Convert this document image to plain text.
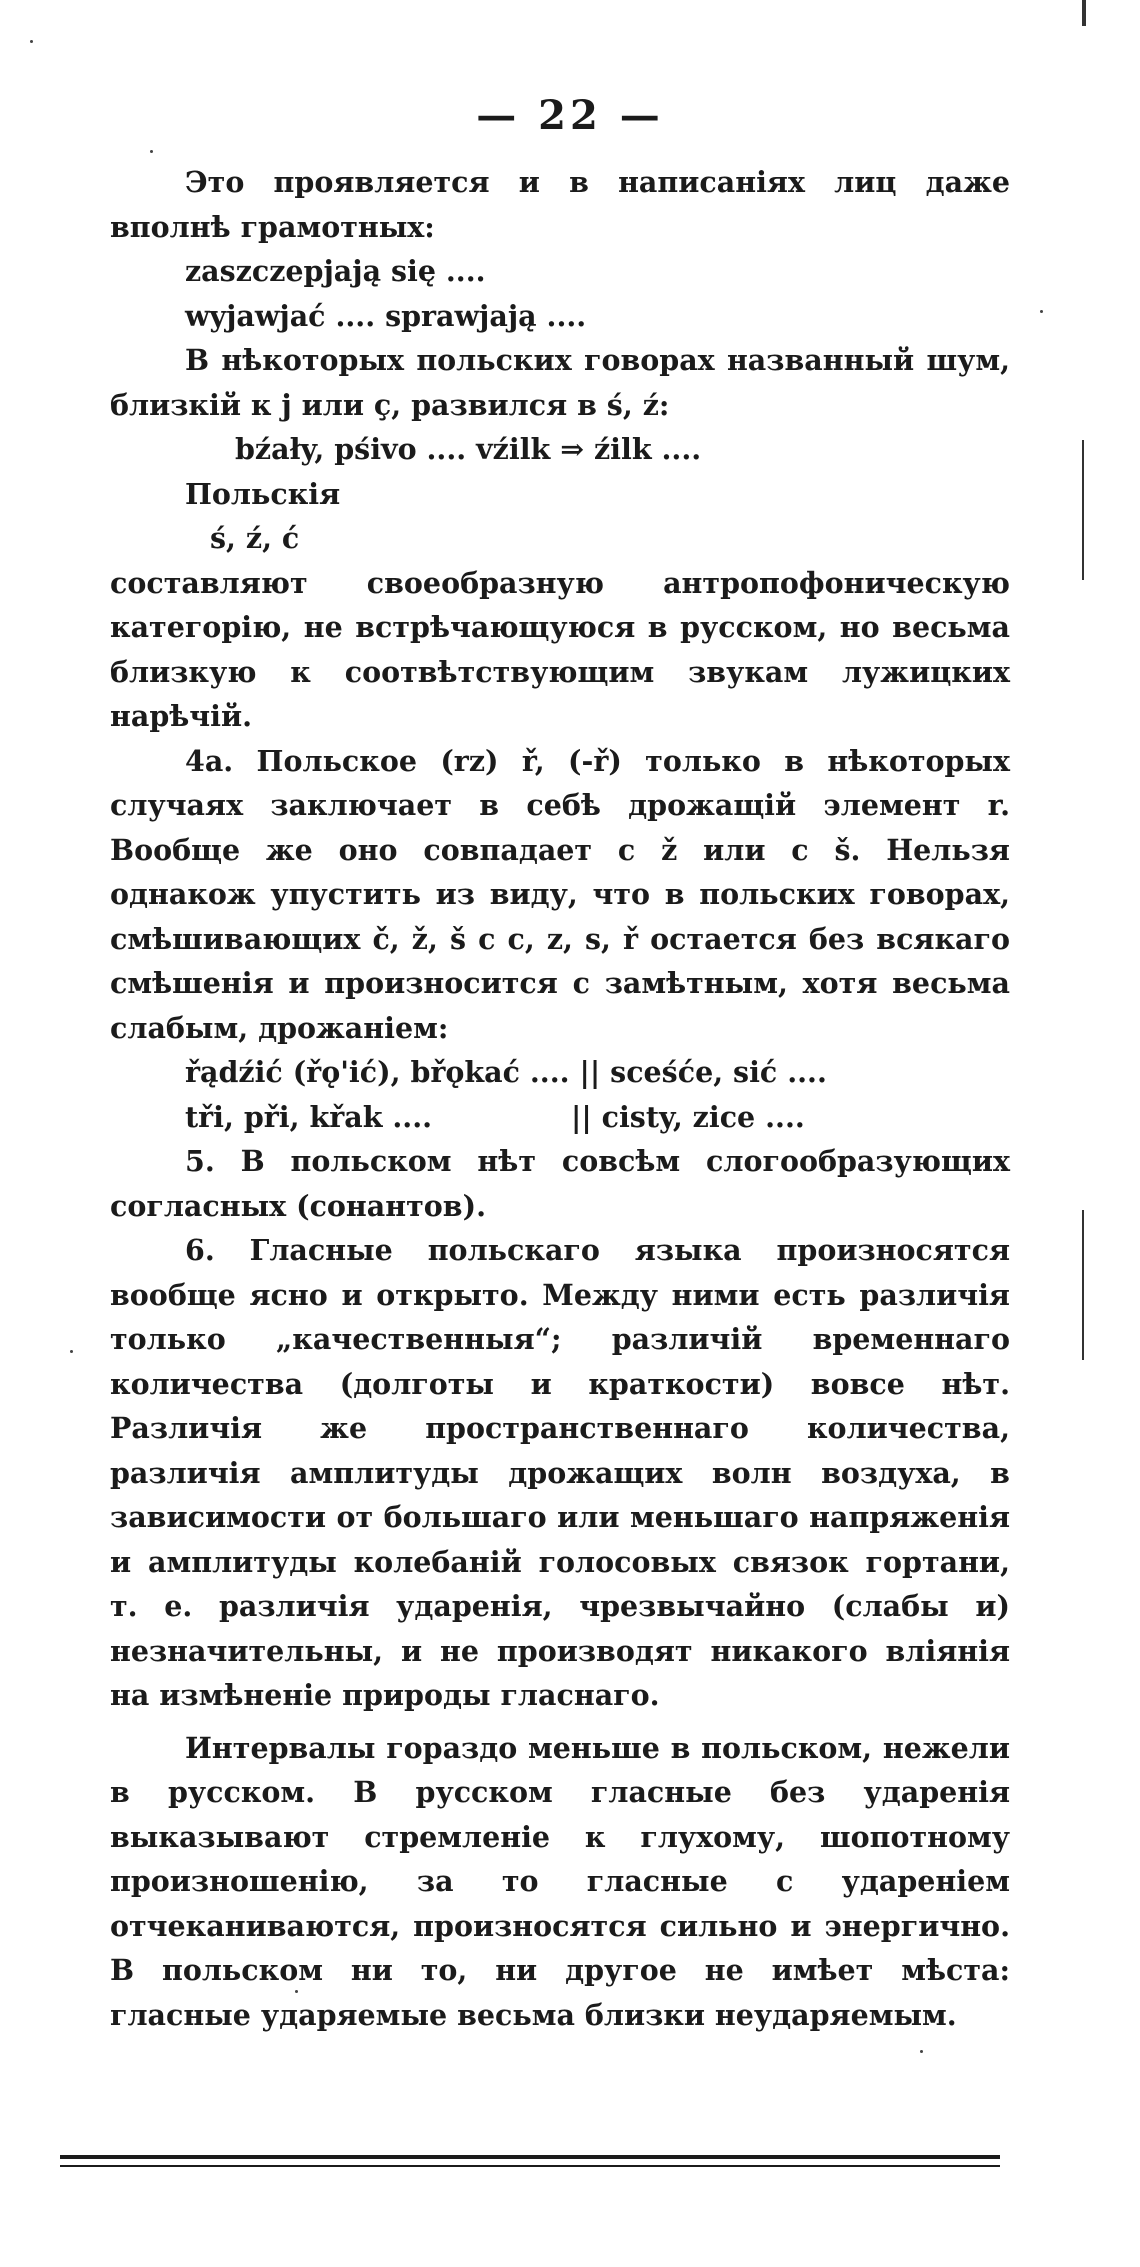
— 22 —

Это проявляется и в написаніях лиц даже вполнѣ грамотных:

zaszczepjają się ....

wyjawjać .... sprawjają ....

В нѣкоторых польских говорах названный шум, близкій к j или ç, развился в ś, ź:

bźały, pśivo .... vźilk ⇒ źilk ....

Польскія

ś, ź, ć

составляют своеобразную антропофоническую категорію, не встрѣчающуюся в русском, но весьма близкую к соотвѣтствующим звукам лужицких нарѣчій.

4а. Польское (rz) ř, (-ř) только в нѣкоторых случаях заключает в себѣ дрожащій элемент r. Вообще же оно совпадает с ž или с š. Нельзя однакож упустить из виду, что в польских говорах, смѣшивающих č, ž, š с c, z, s, ř остается без всякаго смѣшенія и произносится с замѣтным, хотя весьма слабым, дрожаніем:

řądźić (řǫ'ić), břǫkać .... || sceśće, sić ....

tři, při, křak ....              || cisty, zice ....

5. В польском нѣт совсѣм слогообразующих согласных (сонантов).

6. Гласные польскаго языка произносятся вообще ясно и открыто. Между ними есть различія только „качественныя“; различій временнаго количества (долготы и краткости) вовсе нѣт. Различія же пространственнаго количества, различія амплитуды дрожащих волн воздуха, в зависимости от большаго или меньшаго напряженія и амплитуды колебаній голосовых связок гортани, т. е. различія ударенія, чрезвычайно (слабы и) незначительны, и не производят никакого вліянія на измѣненіе природы гласнаго.

Интервалы гораздо меньше в польском, нежели в русском. В русском гласные без ударенія выказывают стремленіе к глухому, шопотному произношенію, за то гласные с удареніем отчеканиваются, произносятся сильно и энергично. В польском ни то, ни другое не имѣет мѣста: гласные ударяемые весьма близки неударяемым.
